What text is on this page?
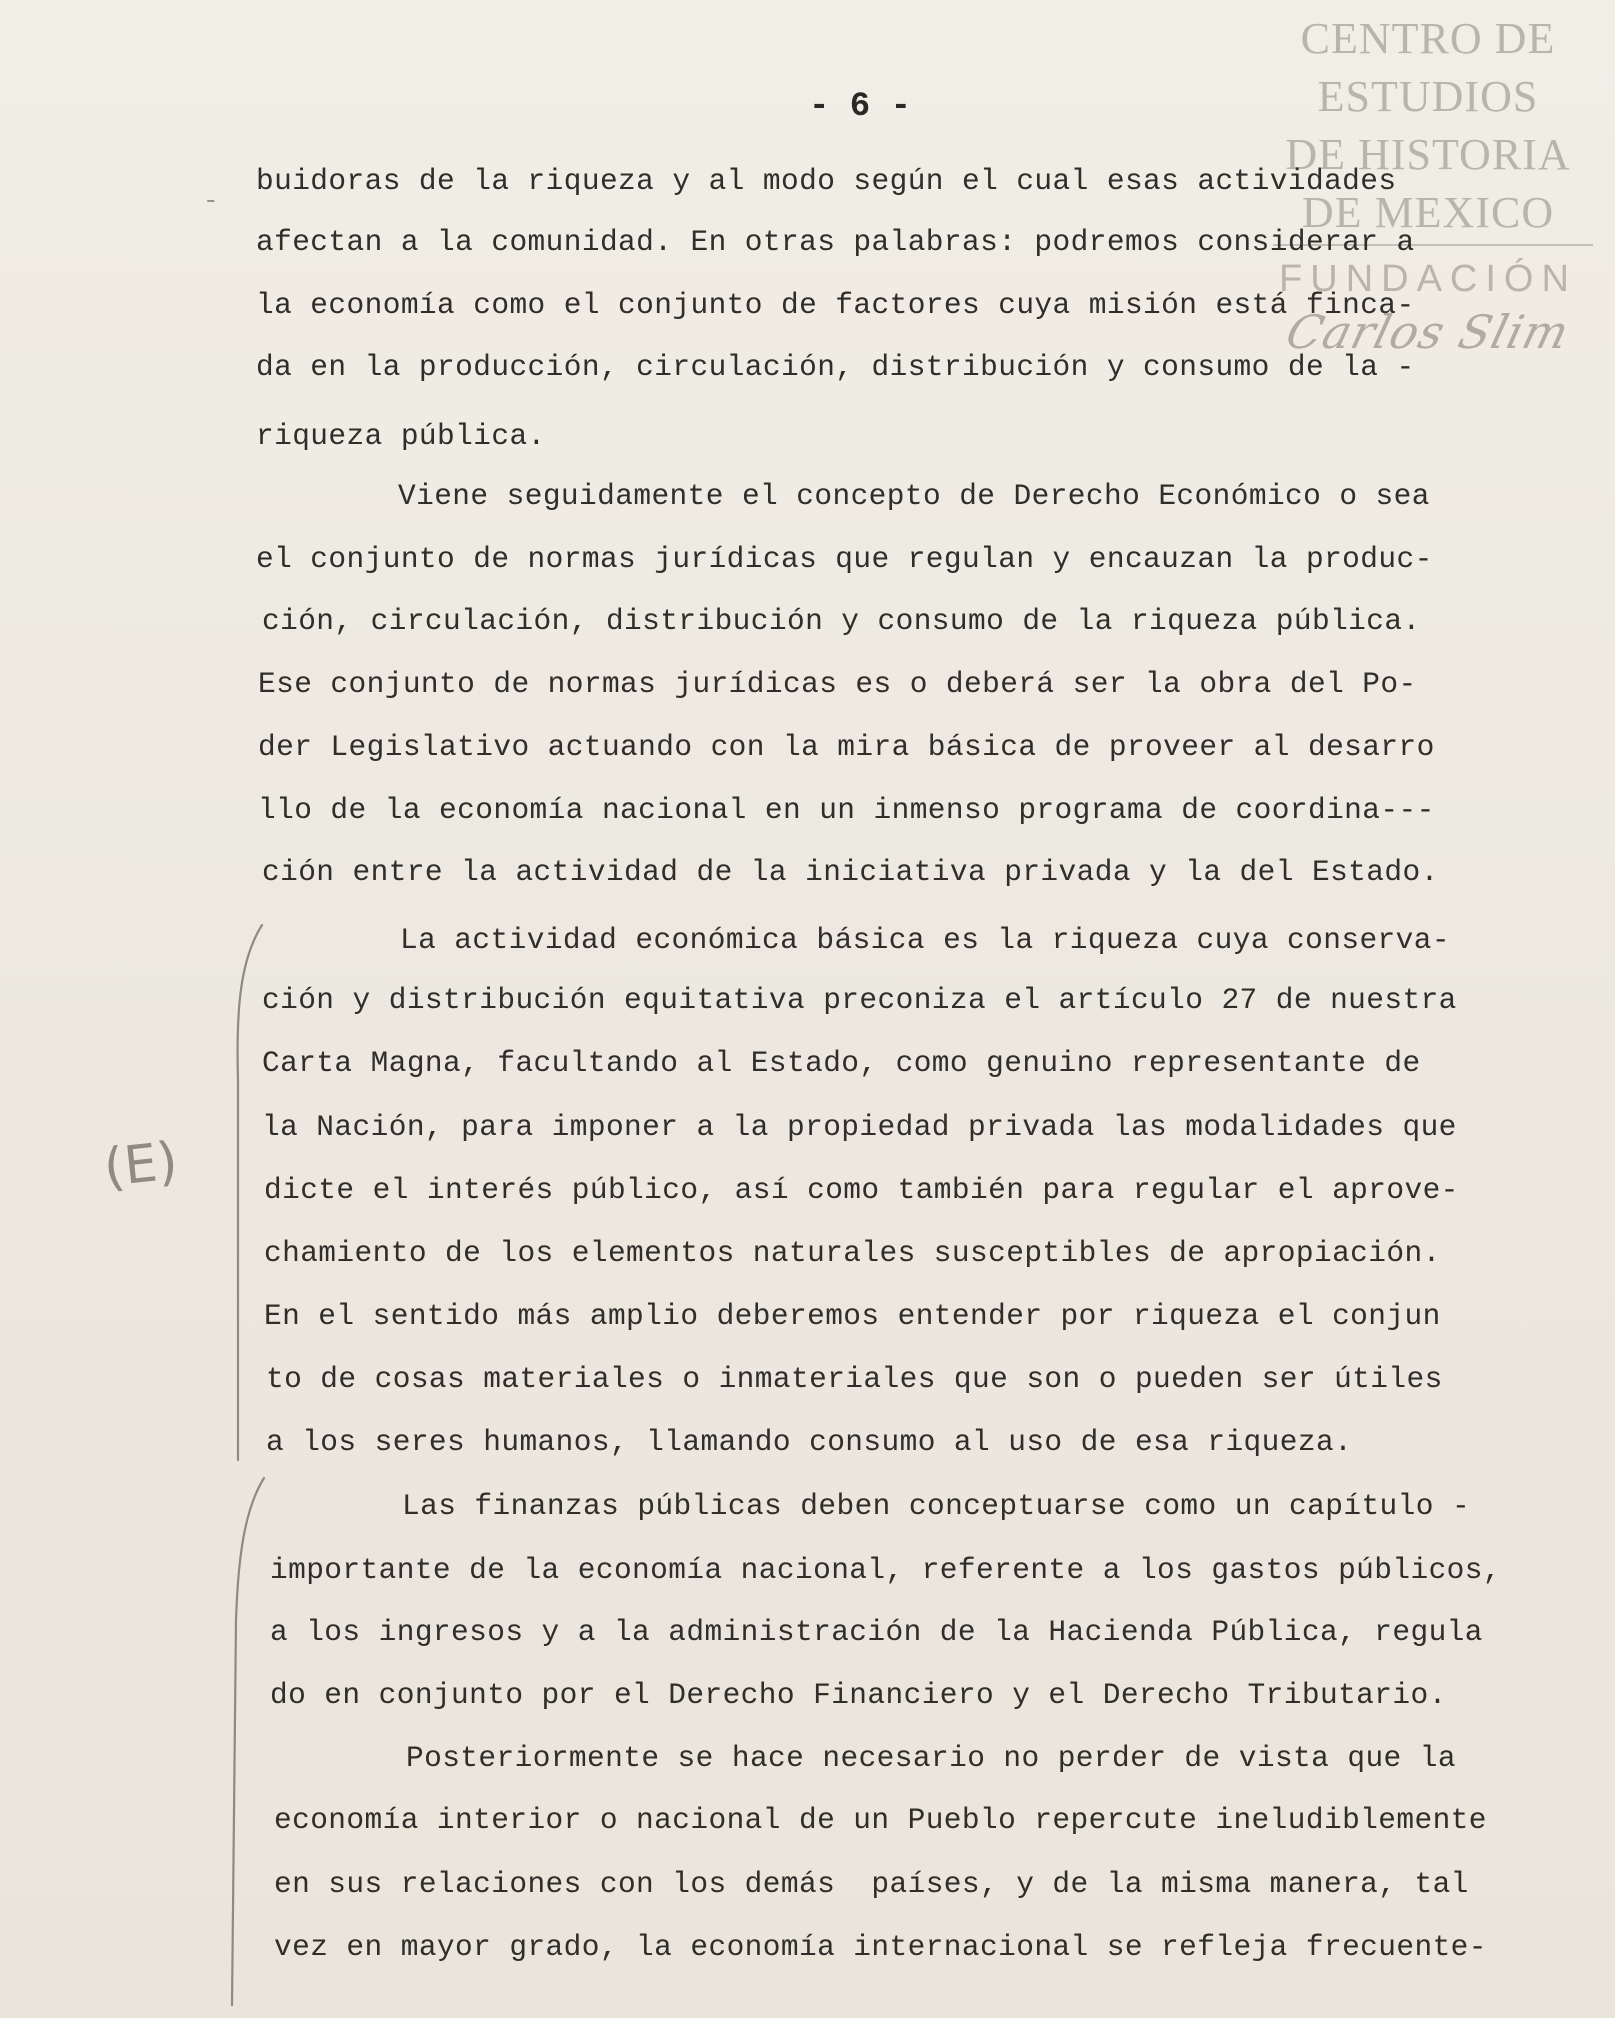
CENTRO DE
ESTUDIOS
DE HISTORIA
DE MEXICO
FUNDACIÓN
Carlos Slim
- 6 -
-

buidoras de la riqueza y al modo según el cual esas actividades

afectan a la comunidad. En otras palabras: podremos considerar a

la economía como el conjunto de factores cuya misión está finca-

da en la producción, circulación, distribución y consumo de la -

riqueza pública.

Viene seguidamente el concepto de Derecho Económico o sea

el conjunto de normas jurídicas que regulan y encauzan la produc-

ción, circulación, distribución y consumo de la riqueza pública.

Ese conjunto de normas jurídicas es o deberá ser la obra del Po-

der Legislativo actuando con la mira básica de proveer al desarro

llo de la economía nacional en un inmenso programa de coordina---

ción entre la actividad de la iniciativa privada y la del Estado.

La actividad económica básica es la riqueza cuya conserva-

ción y distribución equitativa preconiza el artículo 27 de nuestra

Carta Magna, facultando al Estado, como genuino representante de

la Nación, para imponer a la propiedad privada las modalidades que

dicte el interés público, así como también para regular el aprove-

chamiento de los elementos naturales susceptibles de apropiación.

En el sentido más amplio deberemos entender por riqueza el conjun

to de cosas materiales o inmateriales que son o pueden ser útiles

a los seres humanos, llamando consumo al uso de esa riqueza.

Las finanzas públicas deben conceptuarse como un capítulo -

importante de la economía nacional, referente a los gastos públicos,

a los ingresos y a la administración de la Hacienda Pública, regula

do en conjunto por el Derecho Financiero y el Derecho Tributario.

Posteriormente se hace necesario no perder de vista que la

economía interior o nacional de un Pueblo repercute ineludiblemente

en sus relaciones con los demás  países, y de la misma manera, tal

vez en mayor grado, la economía internacional se refleja frecuente-

(E)
